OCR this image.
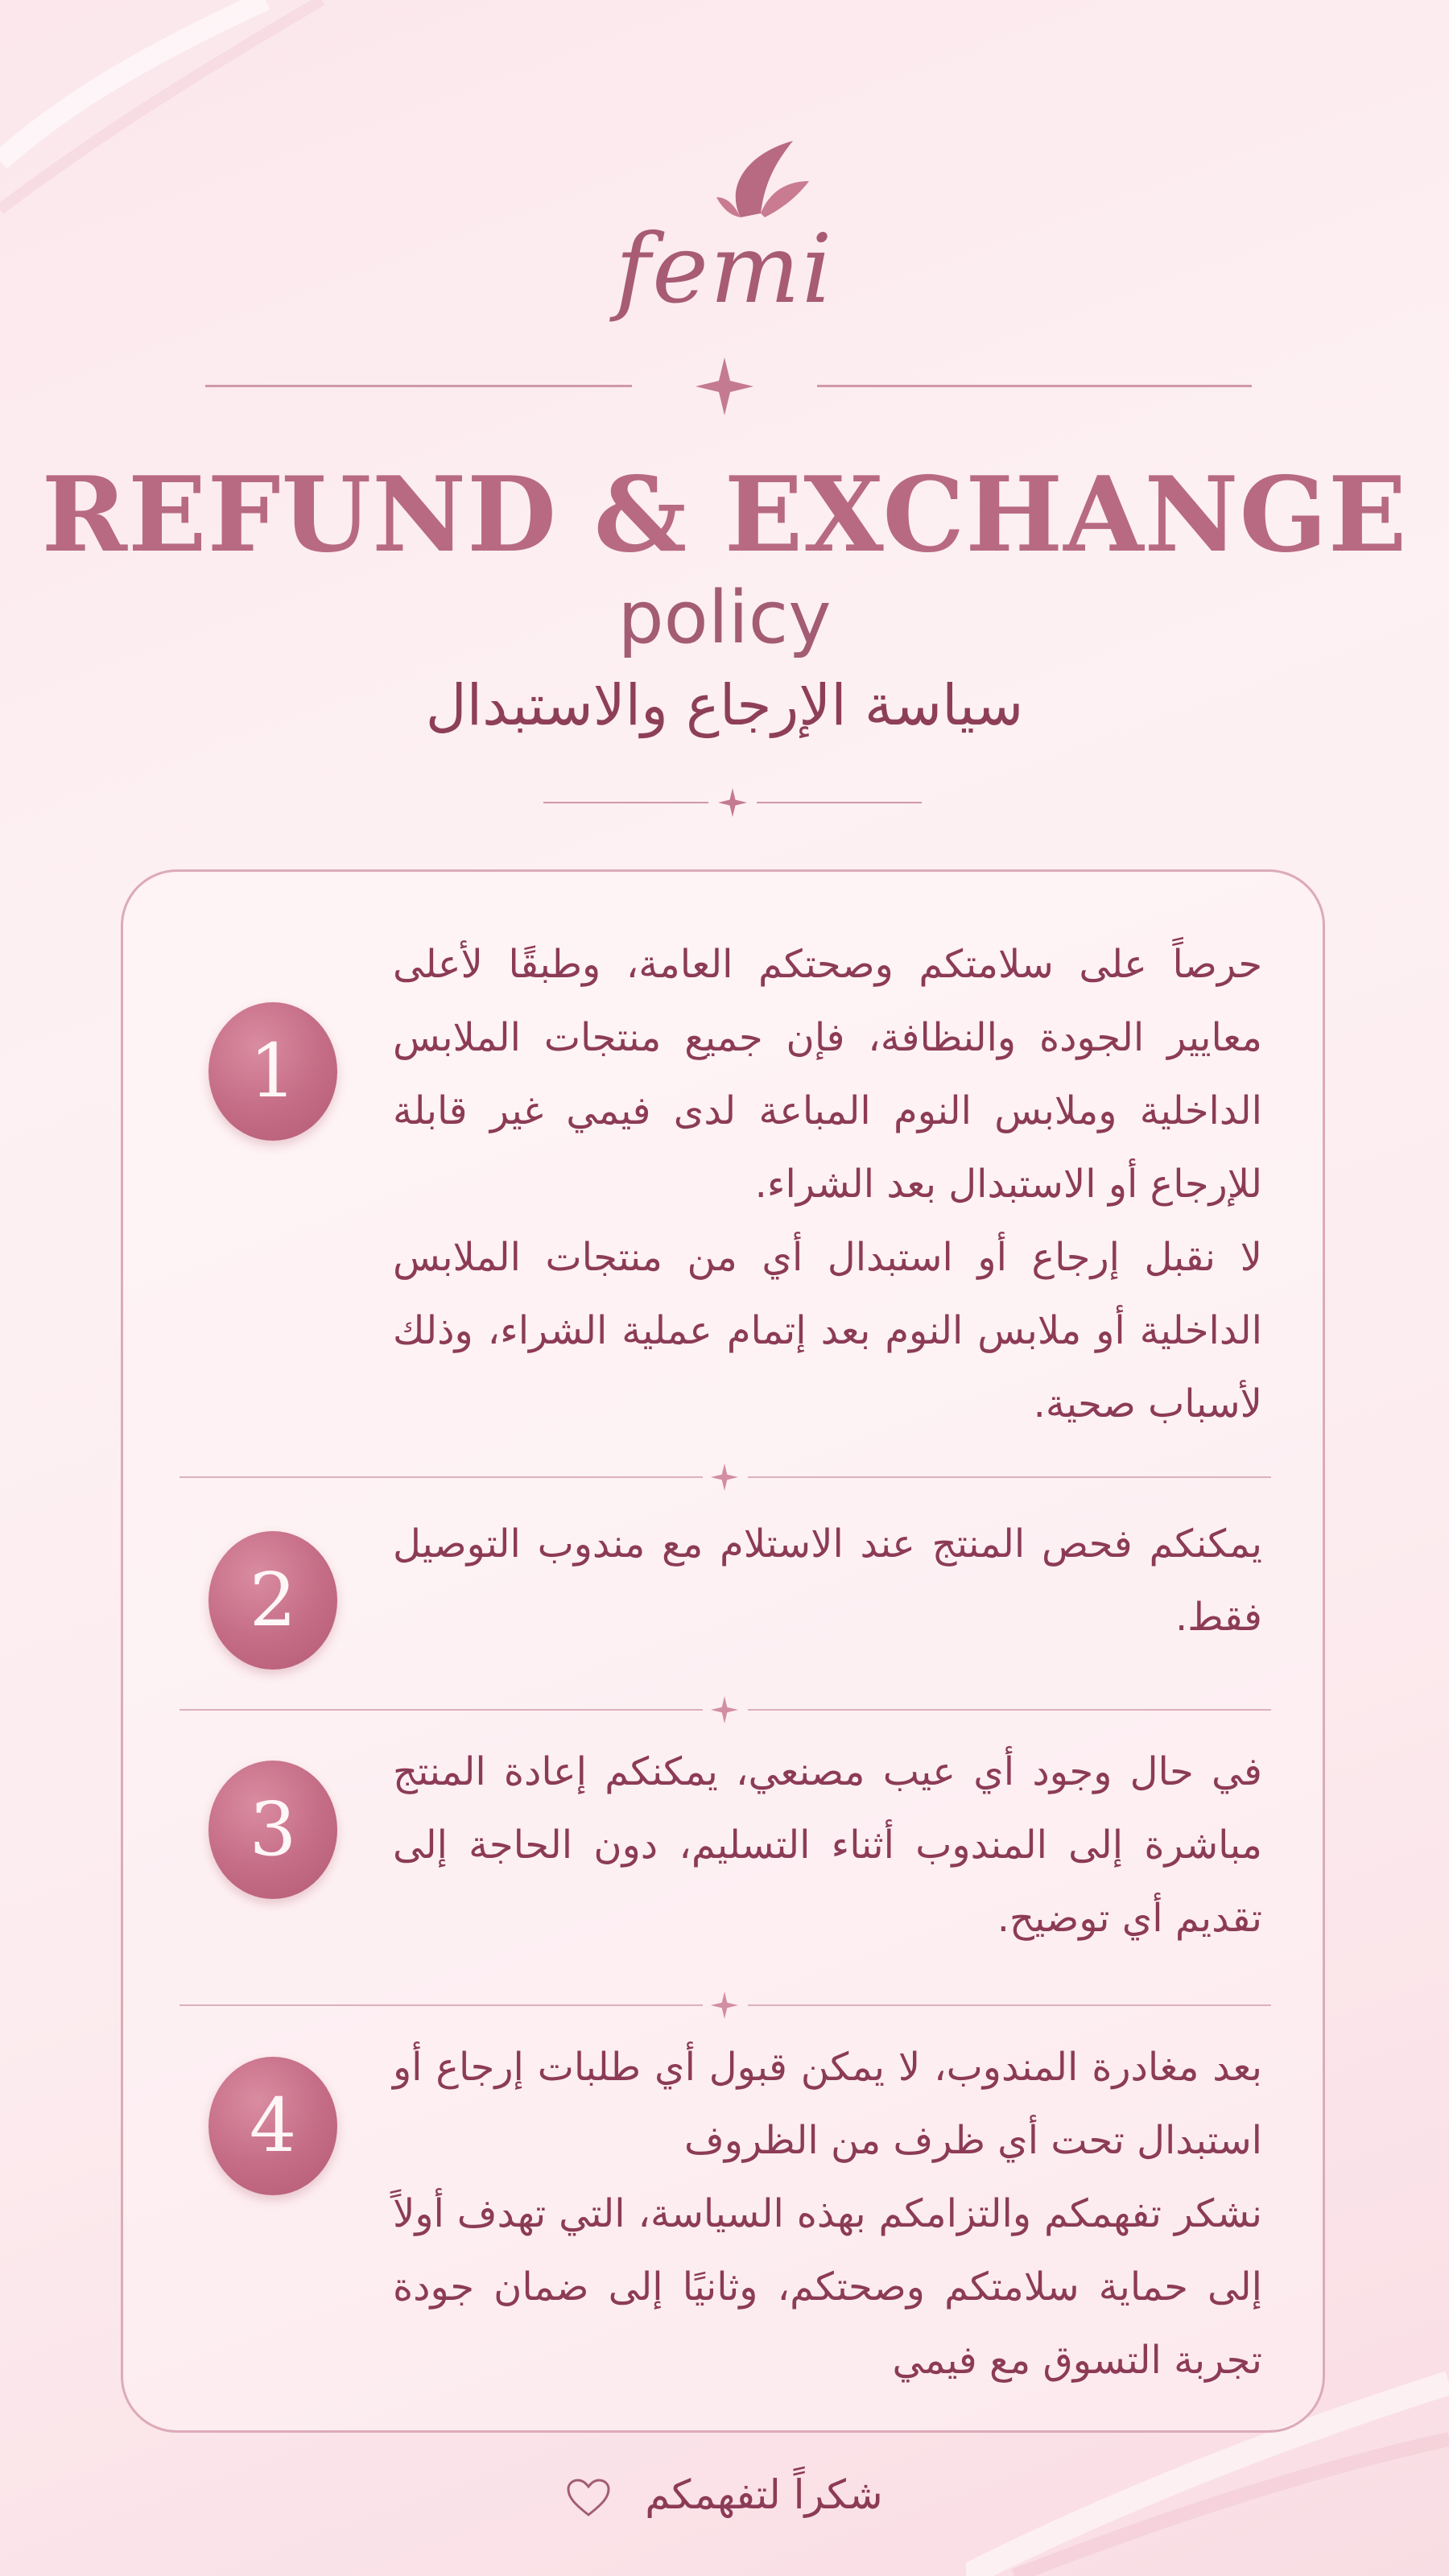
femi
REFUND & EXCHANGE
policy
سياسة الإرجاع والاستبدال
1
حرصاً على سلامتكم وصحتكم العامة، وطبقًا لأعلى معايير الجودة والنظافة، فإن جميع منتجات الملابس الداخلية وملابس النوم المباعة لدى فيمي غير قابلة للإرجاع أو الاستبدال بعد الشراء.
لا نقبل إرجاع أو استبدال أي من منتجات الملابس الداخلية أو ملابس النوم بعد إتمام عملية الشراء، وذلك لأسباب صحية.
2
يمكنكم فحص المنتج عند الاستلام مع مندوب التوصيل فقط.
3
في حال وجود أي عيب مصنعي، يمكنكم إعادة المنتج مباشرة إلى المندوب أثناء التسليم، دون الحاجة إلى تقديم أي توضيح.
4
بعد مغادرة المندوب، لا يمكن قبول أي طلبات إرجاع أو استبدال تحت أي ظرف من الظروف
نشكر تفهمكم والتزامكم بهذه السياسة، التي تهدف أولاً إلى حماية سلامتكم وصحتكم، وثانيًا إلى ضمان جودة تجربة التسوق مع فيمي
شكراً لتفهمكم
